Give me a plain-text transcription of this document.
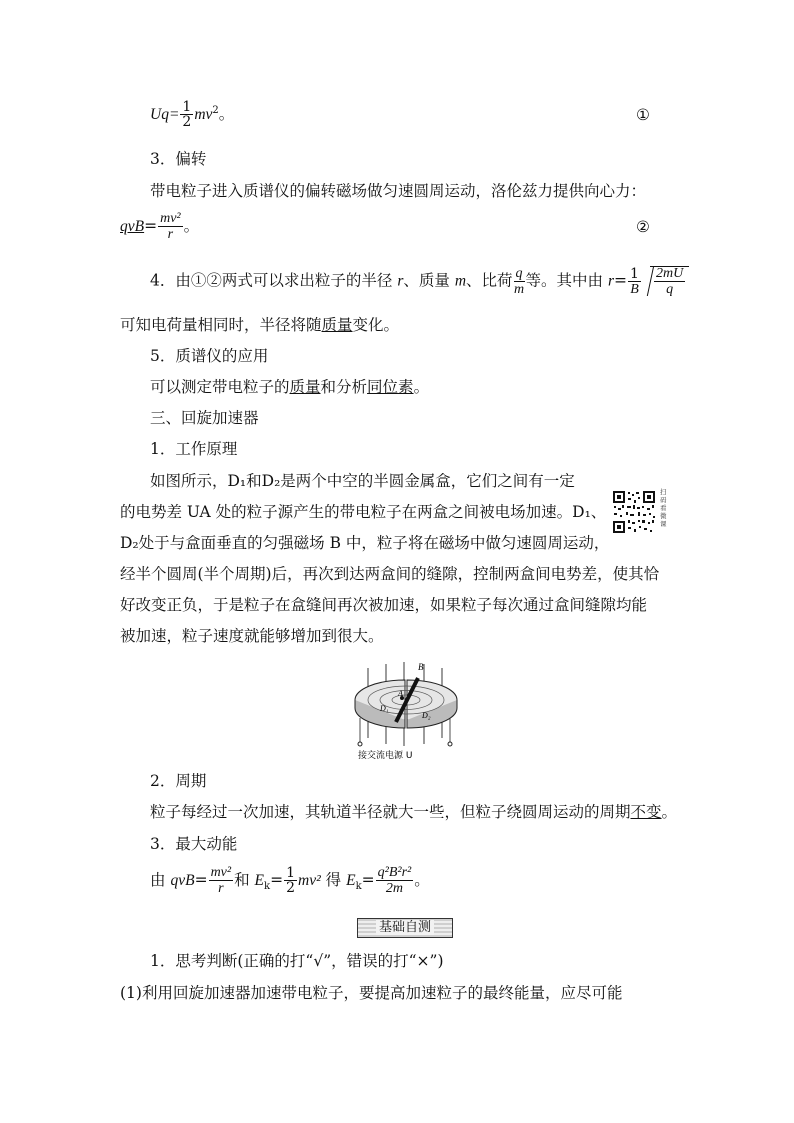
$Uq= \frac{1}{2} mv^2$。	①
3．偏转
带电粒子进入质谱仪的偏转磁场做匀速圆周运动，洛伦兹力提供向心力：
$qvB= \frac{\text{mv²}}{r}$ 。	②
4．由①②两式可以求出粒子的半径 r、质量 m、比荷 $\frac{q}{m}$ 等。其中由 $r= \frac{1}{B} \frac{2mU}{q}$
可知电荷量相同时，半径将随质量变化。
5．质谱仪的应用
可以测定带电粒子的质量和分析同位素。
三、回旋加速器
1．工作原理
如图所示，D₁和D₂是两个中空的半圆金属盒，它们之间有一定
的电势差 UA 处的粒子源产生的带电粒子在两盒之间被电场加速。D₁、
D₂处于与盒面垂直的匀强磁场 B 中，粒子将在磁场中做匀速圆周运动，
经半个圆周(半个周期)后，再次到达两盒间的缝隙，控制两盒间电势差，使其恰
好改变正负，于是粒子在盒缝间再次被加速，如果粒子每次通过盒间缝隙均能
被加速，粒子速度就能够增加到很大。
扫码看微课
B
A
D₁
D₂
接交流电源 U
2．周期
粒子每经过一次加速，其轨道半径就大一些，但粒子绕圆周运动的周期不变。
3．最大动能
由 $qvB= \frac{\text{mv²}}{r}$ 和 $E_k= \frac{1}{2} mv^2$ 得 $E_k= \frac{\text{q²B²r²}}{2m}$ 。
基础自测
1．思考判断(正确的打“√”，错误的打“×”)
(1)利用回旋加速器加速带电粒子，要提高加速粒子的最终能量，应尽可能
